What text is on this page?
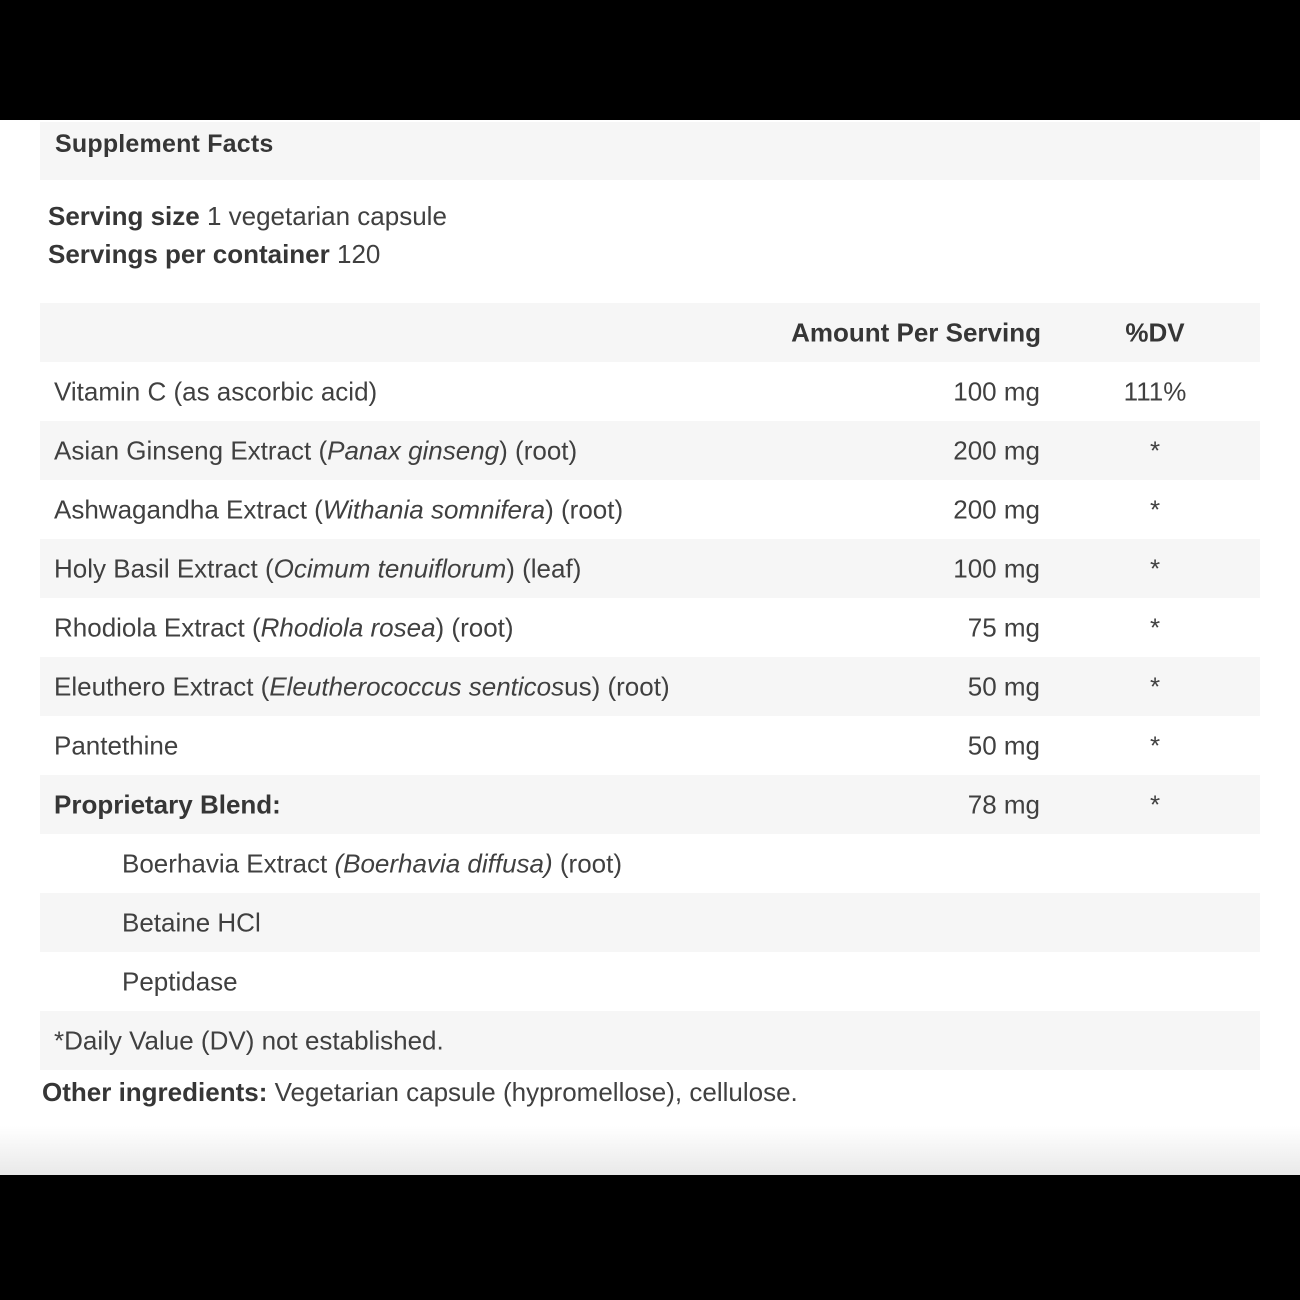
Supplement Facts
Serving size 1 vegetarian capsule
Servings per container 120
Amount Per Serving	%DV
Vitamin C (as ascorbic acid)	100 mg	111%
Asian Ginseng Extract (Panax ginseng) (root)	200 mg	*
Ashwagandha Extract (Withania somnifera) (root)	200 mg	*
Holy Basil Extract (Ocimum tenuiflorum) (leaf)	100 mg	*
Rhodiola Extract (Rhodiola rosea) (root)	75 mg	*
Eleuthero Extract (Eleutherococcus senticosus) (root)	50 mg	*
Pantethine	50 mg	*
Proprietary Blend:	78 mg	*
Boerhavia Extract (Boerhavia diffusa) (root)
Betaine HCl
Peptidase
*Daily Value (DV) not established.
Other ingredients: Vegetarian capsule (hypromellose), cellulose.
